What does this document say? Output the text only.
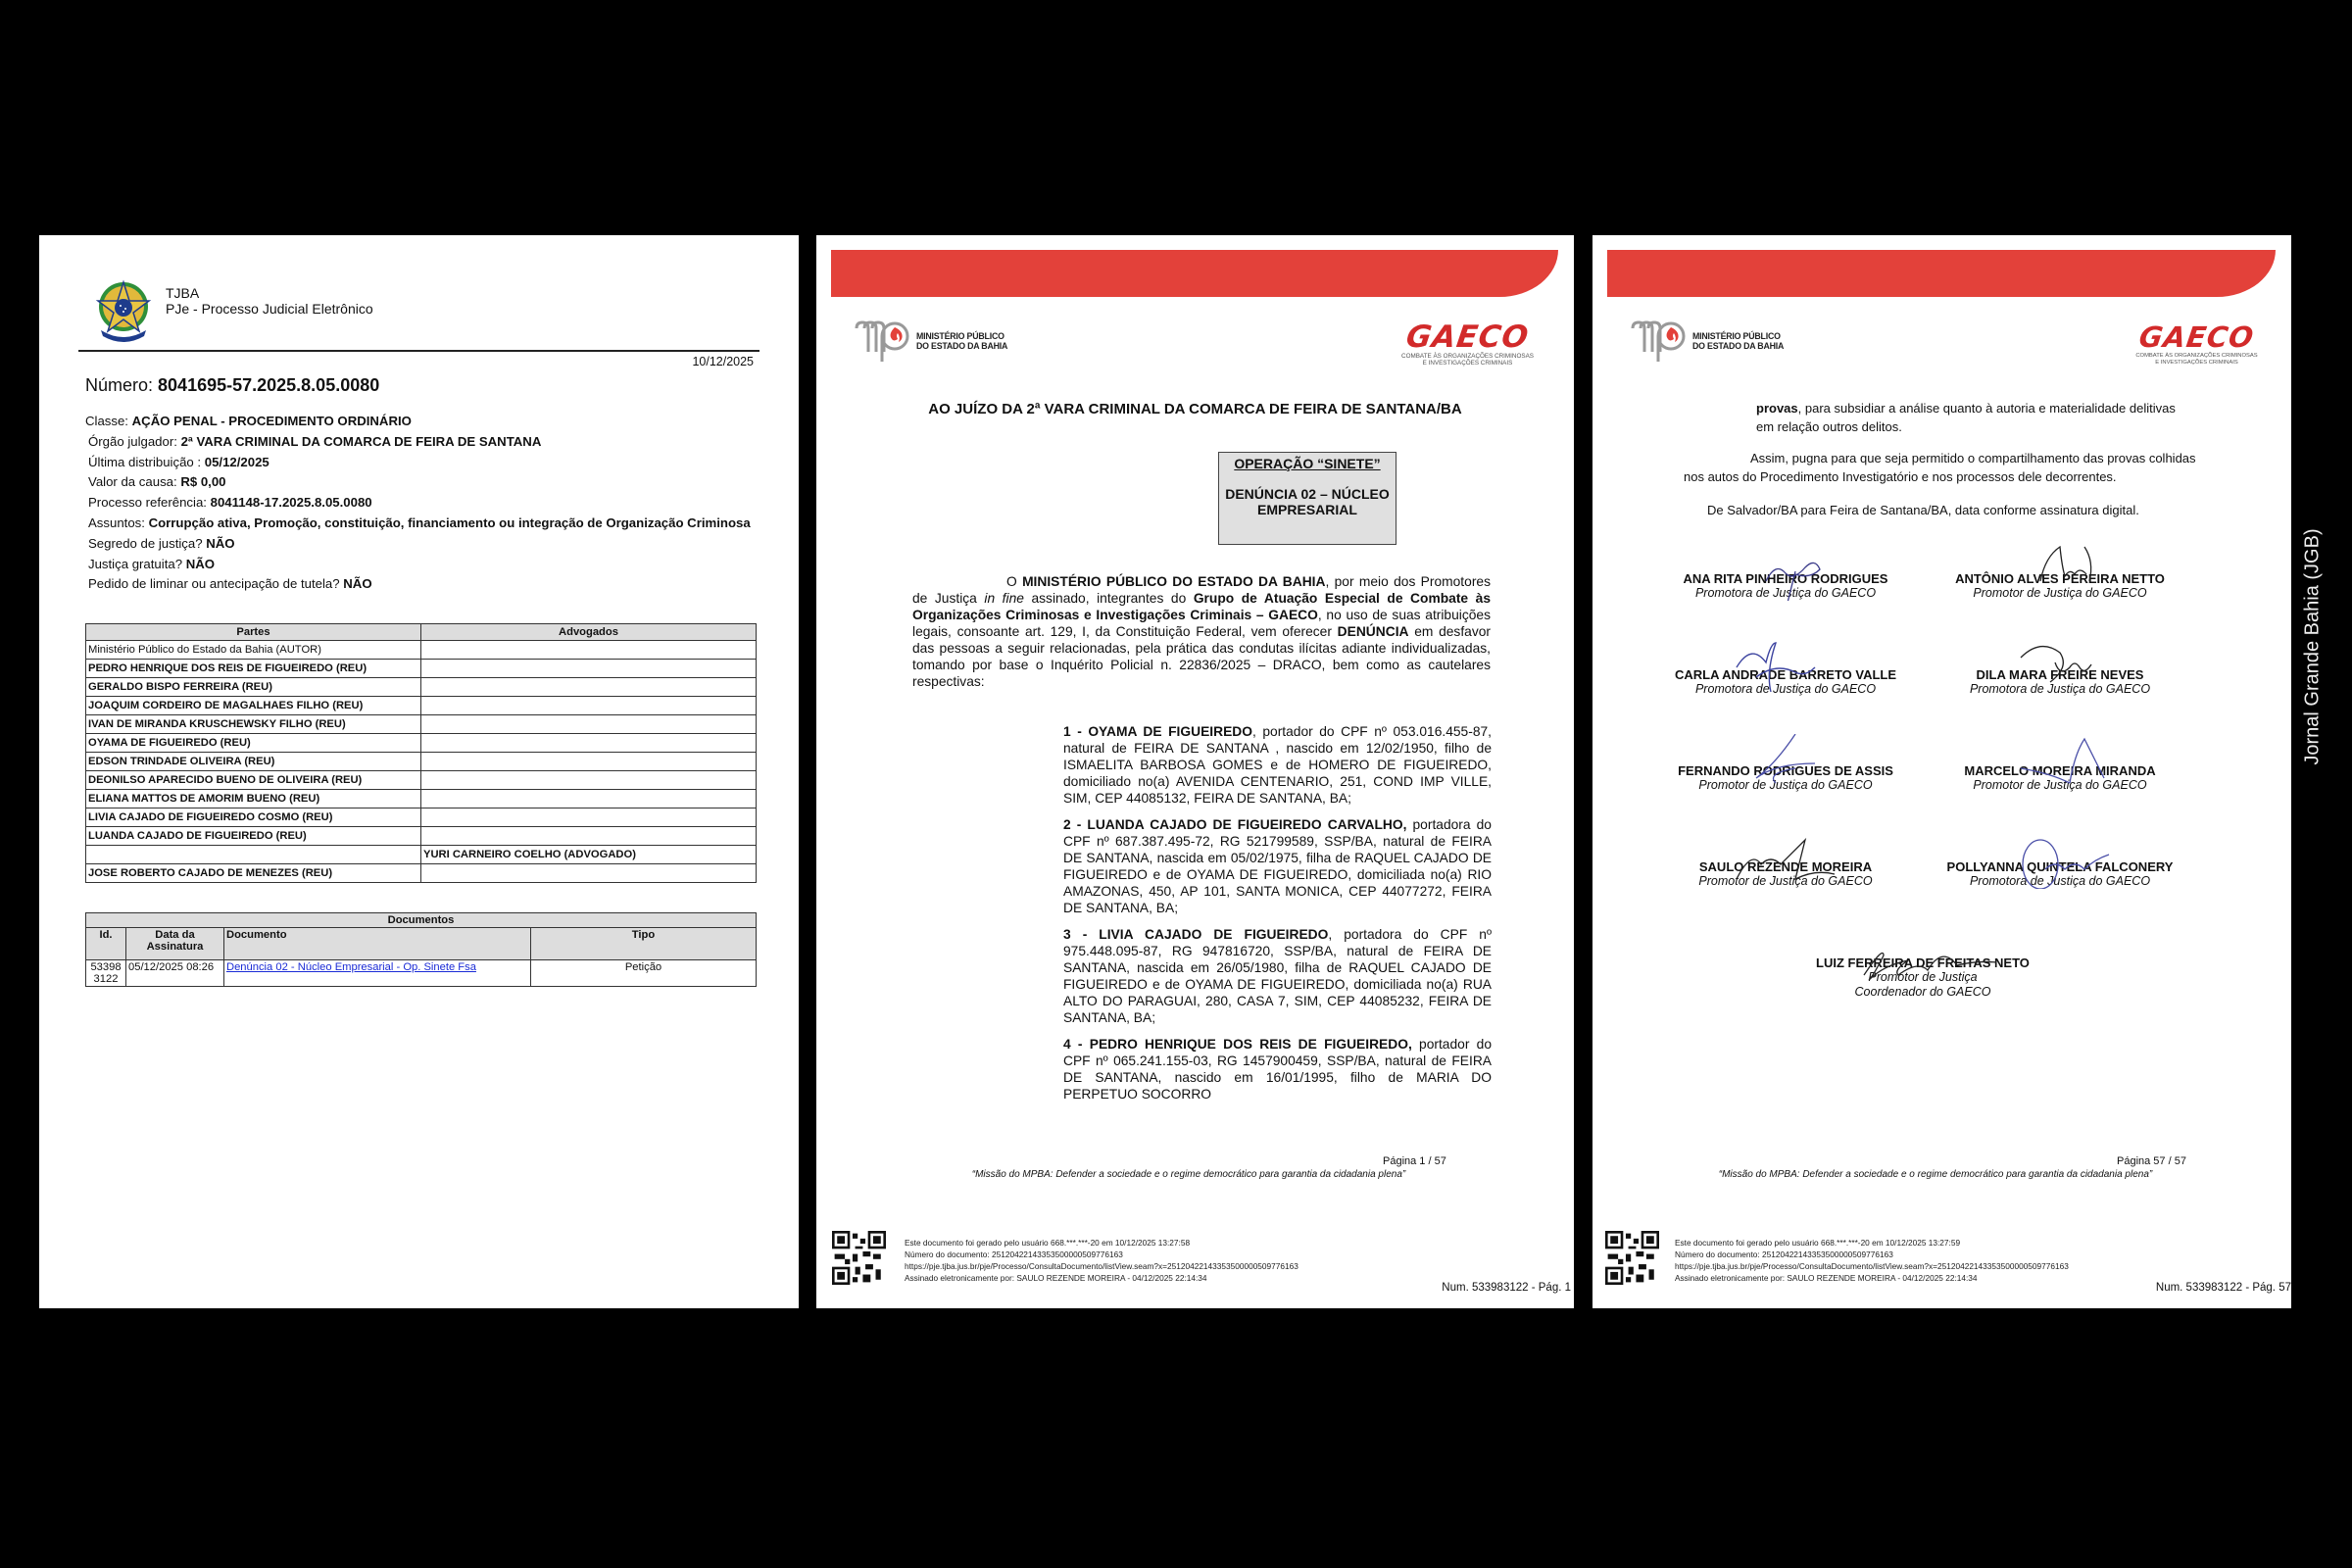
TJBA
PJe - Processo Judicial Eletrônico
10/12/2025
Número: 8041695-57.2025.8.05.0080
Classe: AÇÃO PENAL - PROCEDIMENTO ORDINÁRIO
Órgão julgador: 2ª VARA CRIMINAL DA COMARCA DE FEIRA DE SANTANA
Última distribuição : 05/12/2025
Valor da causa: R$ 0,00
Processo referência: 8041148-17.2025.8.05.0080
Assuntos: Corrupção ativa, Promoção, constituição, financiamento ou integração de Organização Criminosa
Segredo de justiça? NÃO
Justiça gratuita? NÃO
Pedido de liminar ou antecipação de tutela? NÃO
Partes	Advogados
Ministério Público do Estado da Bahia (AUTOR)	
PEDRO HENRIQUE DOS REIS DE FIGUEIREDO (REU)	
GERALDO BISPO FERREIRA (REU)	
JOAQUIM CORDEIRO DE MAGALHAES FILHO (REU)	
IVAN DE MIRANDA KRUSCHEWSKY FILHO (REU)	
OYAMA DE FIGUEIREDO (REU)	
EDSON TRINDADE OLIVEIRA (REU)	
DEONILSO APARECIDO BUENO DE OLIVEIRA (REU)	
ELIANA MATTOS DE AMORIM BUENO (REU)	
LIVIA CAJADO DE FIGUEIREDO COSMO (REU)	
LUANDA CAJADO DE FIGUEIREDO (REU)	
	YURI CARNEIRO COELHO (ADVOGADO)
JOSE ROBERTO CAJADO DE MENEZES (REU)	
Documentos			
Id.	Data da Assinatura	Documento	Tipo
533983122	05/12/2025 08:26	Denúncia 02 - Núcleo Empresarial - Op. Sinete Fsa	Petição
MINISTÉRIO PÚBLICO
DO ESTADO DA BAHIA	GAECO
COMBATE ÀS ORGANIZAÇÕES CRIMINOSAS
E INVESTIGAÇÕES CRIMINAIS
AO JUÍZO DA 2ª VARA CRIMINAL DA COMARCA DE FEIRA DE SANTANA/BA
OPERAÇÃO “SINETE”
DENÚNCIA 02 – NÚCLEO
EMPRESARIAL
O MINISTÉRIO PÚBLICO DO ESTADO DA BAHIA, por meio dos Promotores de Justiça in fine assinado, integrantes do Grupo de Atuação Especial de Combate às Organizações Criminosas e Investigações Criminais – GAECO, no uso de suas atribuições legais, consoante art. 129, I, da Constituição Federal, vem oferecer DENÚNCIA em desfavor das pessoas a seguir relacionadas, pela prática das condutas ilícitas adiante individualizadas, tomando por base o Inquérito Policial n. 22836/2025 – DRACO, bem como as cautelares respectivas:

1 - OYAMA DE FIGUEIREDO, portador do CPF nº 053.016.455-87, natural de FEIRA DE SANTANA , nascido em 12/02/1950, filho de ISMAELITA BARBOSA GOMES e de HOMERO DE FIGUEIREDO, domiciliado no(a) AVENIDA CENTENARIO, 251, COND IMP VILLE, SIM, CEP 44085132, FEIRA DE SANTANA, BA;

2 - LUANDA CAJADO DE FIGUEIREDO CARVALHO, portadora do CPF nº 687.387.495-72, RG 521799589, SSP/BA, natural de FEIRA DE SANTANA, nascida em 05/02/1975, filha de RAQUEL CAJADO DE FIGUEIREDO e de OYAMA DE FIGUEIREDO, domiciliada no(a) RIO AMAZONAS, 450, AP 101, SANTA MONICA, CEP 44077272, FEIRA DE SANTANA, BA;

3 - LIVIA CAJADO DE FIGUEIREDO, portadora do CPF nº 975.448.095-87, RG 947816720, SSP/BA, natural de FEIRA DE SANTANA, nascida em 26/05/1980, filha de RAQUEL CAJADO DE FIGUEIREDO e de OYAMA DE FIGUEIREDO, domiciliada no(a) RUA ALTO DO PARAGUAI, 280, CASA 7, SIM, CEP 44085232, FEIRA DE SANTANA, BA;

4 - PEDRO HENRIQUE DOS REIS DE FIGUEIREDO, portador do CPF nº 065.241.155-03, RG 1457900459, SSP/BA, natural de FEIRA DE SANTANA, nascido em 16/01/1995, filho de MARIA DO PERPETUO SOCORRO

Página 1 / 57
“Missão do MPBA: Defender a sociedade e o regime democrático para garantia da cidadania plena”
Este documento foi gerado pelo usuário 668.***.***-20 em 10/12/2025 13:27:58
Número do documento: 25120422143353500000509776163
https://pje.tjba.jus.br/pje/Processo/ConsultaDocumento/listView.seam?x=25120422143353500000509776163
Assinado eletronicamente por: SAULO REZENDE MOREIRA - 04/12/2025 22:14:34
Num. 533983122 - Pág. 1
MINISTÉRIO PÚBLICO
DO ESTADO DA BAHIA	GAECO
COMBATE ÀS ORGANIZAÇÕES CRIMINOSAS
E INVESTIGAÇÕES CRIMINAIS
provas, para subsidiar a análise quanto à autoria e materialidade delitivas
em relação outros delitos.
Assim, pugna para que seja permitido o compartilhamento das provas colhidas
nos autos do Procedimento Investigatório e nos processos dele decorrentes.
De Salvador/BA para Feira de Santana/BA, data conforme assinatura digital.
ANA RITA PINHEIRO RODRIGUES
Promotora de Justiça do GAECO
ANTÔNIO ALVES PEREIRA NETTO
Promotor de Justiça do GAECO
CARLA ANDRADE BARRETO VALLE
Promotora de Justiça do GAECO
DILA MARA FREIRE NEVES
Promotora de Justiça do GAECO
FERNANDO RODRIGUES DE ASSIS
Promotor de Justiça do GAECO
MARCELO MOREIRA MIRANDA
Promotor de Justiça do GAECO
SAULO REZENDE MOREIRA
Promotor de Justiça do GAECO
POLLYANNA QUINTELA FALCONERY
Promotora de Justiça do GAECO
LUIZ FERREIRA DE FREITAS NETO
Promotor de Justiça
Coordenador do GAECO
Página 57 / 57
“Missão do MPBA: Defender a sociedade e o regime democrático para garantia da cidadania plena”
Este documento foi gerado pelo usuário 668.***.***-20 em 10/12/2025 13:27:59
Número do documento: 25120422143353500000509776163
https://pje.tjba.jus.br/pje/Processo/ConsultaDocumento/listView.seam?x=25120422143353500000509776163
Assinado eletronicamente por: SAULO REZENDE MOREIRA - 04/12/2025 22:14:34
Num. 533983122 - Pág. 57
Jornal Grande Bahia (JGB)
